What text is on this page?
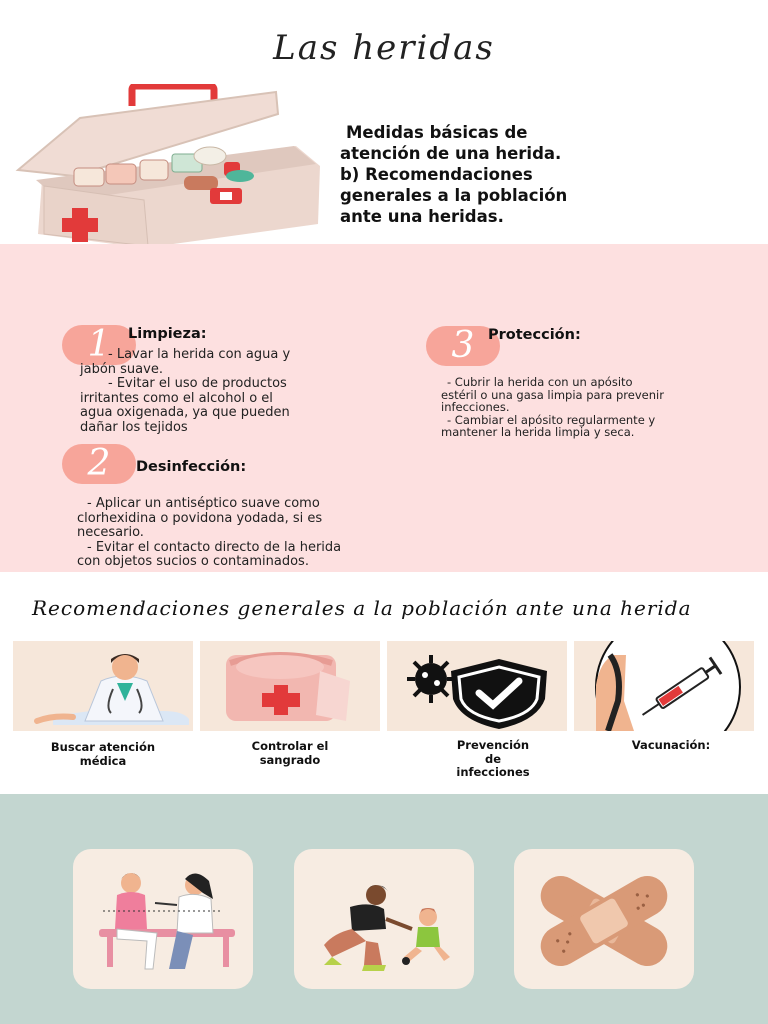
Las heridas

Medidas básicas de

atención de una herida.

b) Recomendaciones

generales a la población

ante una heridas.

1	Limpieza:

- Lavar la herida con agua y

jabón suave.

- Evitar el uso de productos

irritantes como el alcohol o el

agua oxigenada, ya que pueden

dañar los tejidos

2	Desinfección:

- Aplicar un antiséptico suave como

clorhexidina o povidona yodada, si es

necesario.

- Evitar el contacto directo de la herida

con objetos sucios o contaminados.

3 Protección:

- Cubrir la herida con un apósito

estéril o una gasa limpia para prevenir

infecciones.

- Cambiar el apósito regularmente y

mantener la herida limpia y seca.

Recomendaciones generales a la población ante una herida
Buscar atención
médica
Controlar el
sangrado
Prevención
de
infecciones
Vacunación:
